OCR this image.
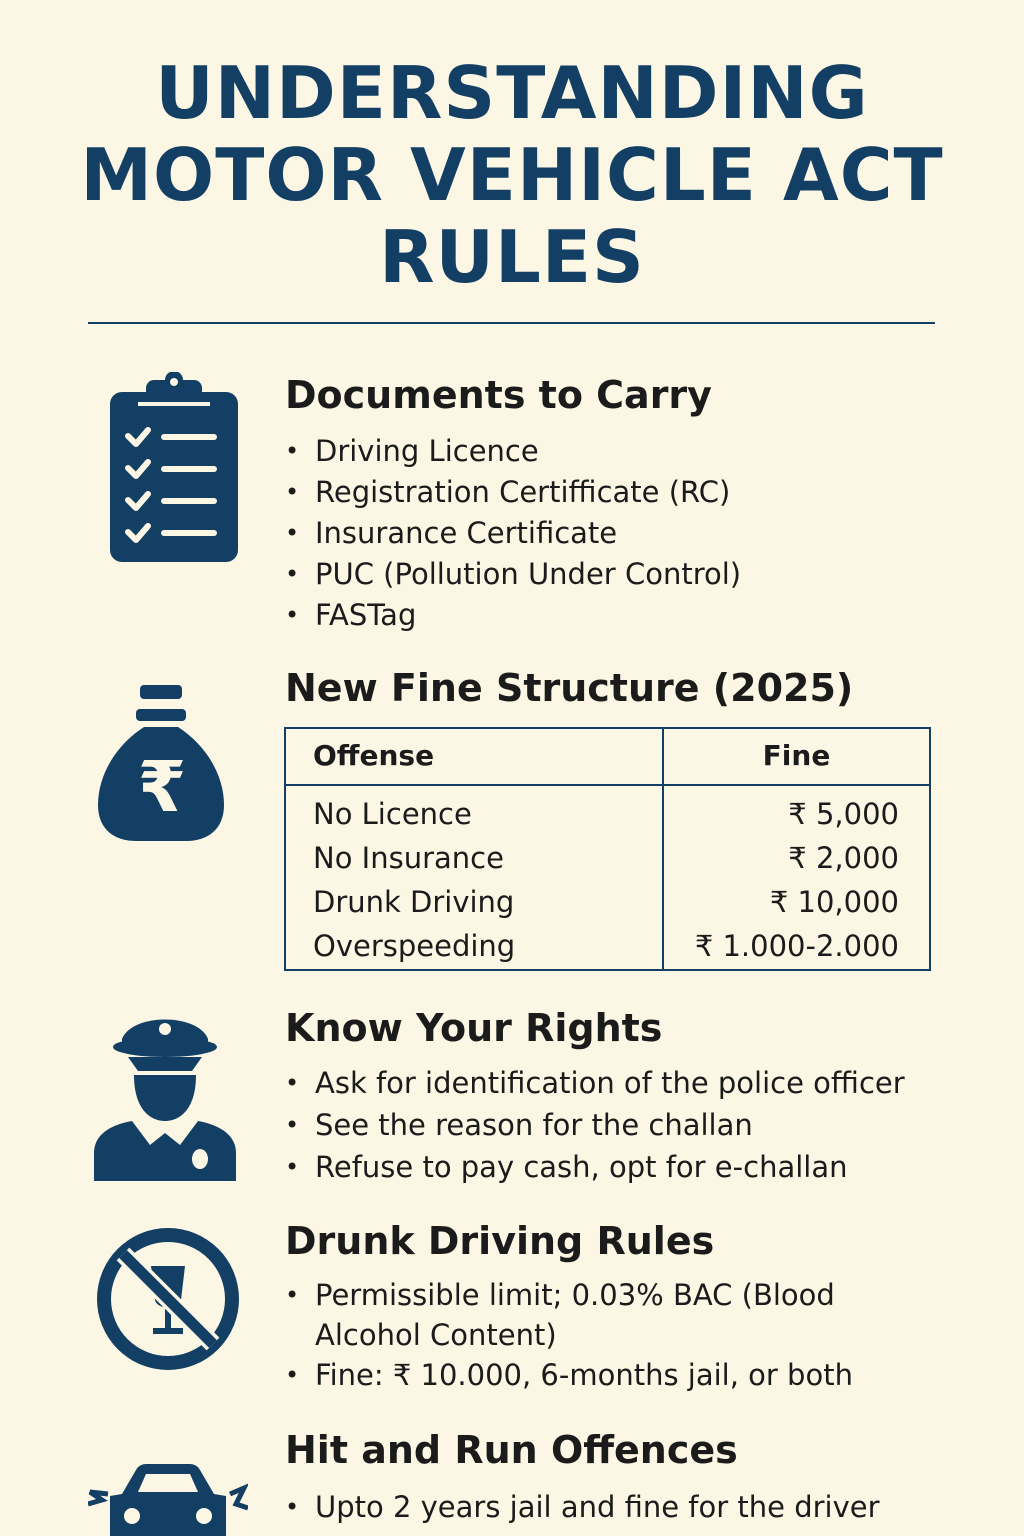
UNDERSTANDING
MOTOR VEHICLE ACT
RULES
Documents to Carry
• Driving Licence
• Registration Certifficate (RC)
• Insurance Certificate
• PUC (Pollution Under Control)
• FASTag
₹
New Fine Structure (2025)
Offense	Fine
No Licence
No Insurance
Drunk Driving
Overspeeding
₹ 5,000
₹ 2,000
₹ 10,000
₹ 1.000-2.000
Know Your Rights
• Ask for identification of the police officer
• See the reason for the challan
• Refuse to pay cash, opt for e-challan
Drunk Driving Rules
• Permissible limit; 0.03% BAC (Blood Alcohol Content)
• Fine: ₹ 10.000, 6-months jail, or both
Hit and Run Offences
• Upto 2 years jail and fine for the driver
